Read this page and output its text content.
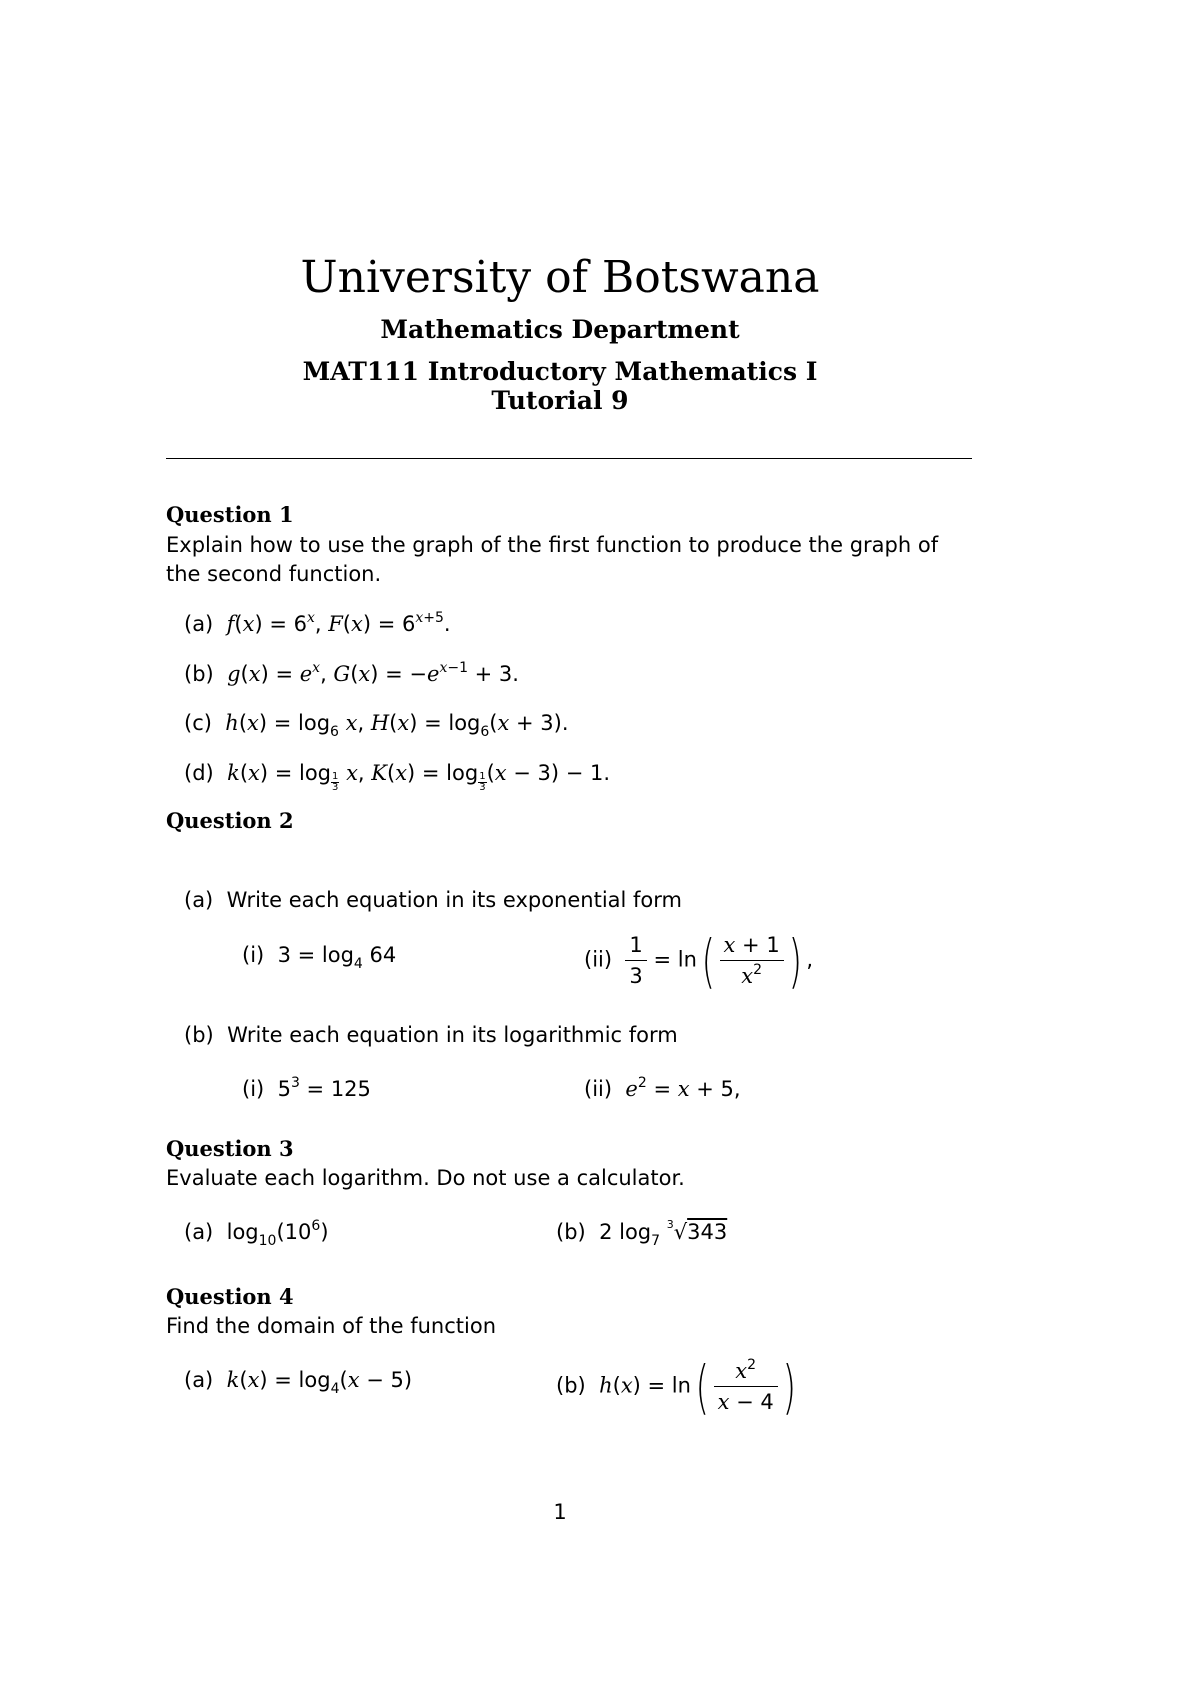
University of Botswana
Mathematics Department
MAT111 Introductory Mathematics I
Tutorial 9
Question 1
Explain how to use the graph of the first function to produce the graph of
the second function.
(a) $f(x) = 6^x$, $F(x) = 6^{x+5}$.
(b) $g(x) = e^x$, $G(x) = -e^{x-1} + 3$.
(c) $h(x) = \log_6 x$, $H(x) = \log_6(x + 3)$.
(d) $k(x) = \log \frac{1}{3} x$, $K(x) = \log \frac{1}{3} (x - 3) - 1$.
Question 2
(a) Write each equation in its exponential form
(i)  $3 = \log_4 64$	$(ii) \frac{1}{3} = \ln( \frac{x + 1}{x^2}$ ) ,
(b) Write each equation in its logarithmic form
(i)  $5^3 = 125$	(ii) $e^2 = x + 5$,
Question 3
Evaluate each logarithm. Do not use a calculator.
(a)  $\log_{10}(10^6)$	(b)  2 $\log_7 ^3√343$
Question 4
Find the domain of the function
(a) $k(x) = \log_4(x - 5)$	(b) $h(x) = \ln( \frac{x^2}{x - 4}$ )
1
